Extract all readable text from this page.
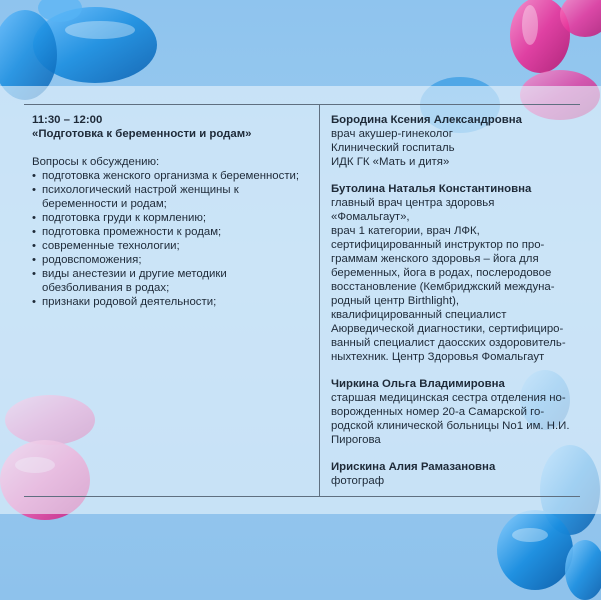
11:30 – 12:00
«Подготовка к беременности и родам»
Вопросы к обсуждению:
• подготовка женского организма к беременности;
• психологический настрой женщины к
беременности и родам;
• подготовка груди к кормлению;
• подготовка промежности к родам;
• современные технологии;
• родовспоможения;
• виды анестезии и другие методики
обезболивания в родах;
• признаки родовой деятельности;
Бородина Ксения Александровна
врач акушер-гинеколог
Клинический госпиталь
ИДК ГК «Мать и дитя»
Бутолина Наталья Константиновна
главный врач центра здоровья
«Фомальгаут»,
врач 1 категории, врач ЛФК,
сертифицированный инструктор по про-
граммам женского здоровья – йога для
беременных, йога в родах, послеродовое
восстановление (Кембриджский междуна-
родный центр Birthlight),
квалифицированный специалист
Аюрведической диагностики, сертифициро-
ванный специалист даосских оздоровитель-
ныхтехник. Центр Здоровья Фомальгаут
Чиркина Ольга Владимировна
старшая медицинская сестра отделения но-
ворожденных номер 20-а Самарской го-
родской клинической больницы No1 им. Н.И.
Пирогова
Ирискина Алия Рамазановна
фотограф
